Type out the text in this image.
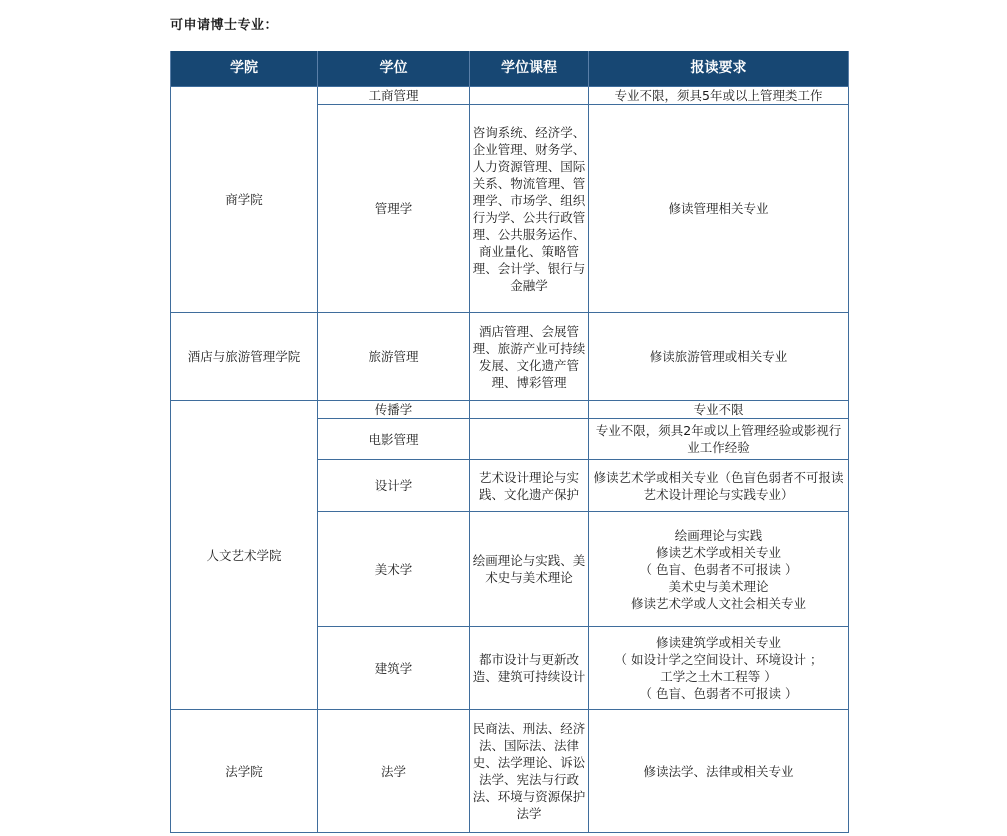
可申请博士专业：
学院	学位	学位课程	报读要求
商学院	工商管理		专业不限，须具5年或以上管理类工作
	管理学	咨询系统、经济学、企业管理、财务学、人力资源管理、国际关系、物流管理、管理学、市场学、组织行为学、公共行政管理、公共服务运作、商业量化、策略管理、会计学、银行与金融学	修读管理相关专业
酒店与旅游管理学院	旅游管理	酒店管理、会展管理、旅游产业可持续发展、文化遗产管理、博彩管理	修读旅游管理或相关专业
人文艺术学院	传播学		专业不限
	电影管理		专业不限，须具2年或以上管理经验或影视行业工作经验
	设计学	艺术设计理论与实践、文化遗产保护	修读艺术学或相关专业（色盲色弱者不可报读艺术设计理论与实践专业）
	美术学	绘画理论与实践、美术史与美术理论	绘画理论与实践
修读艺术学或相关专业
（ 色盲、色弱者不可报读 ）
美术史与美术理论
修读艺术学或人文社会相关专业
	建筑学	都市设计与更新改造、建筑可持续设计	修读建筑学或相关专业
（ 如设计学之空间设计、环境设计 ；
工学之土木工程等 ）
（ 色盲、色弱者不可报读 ）
法学院	法学	民商法、刑法、经济法、国际法、法律史、法学理论、诉讼法学、宪法与行政法、环境与资源保护法学	修读法学、法律或相关专业
